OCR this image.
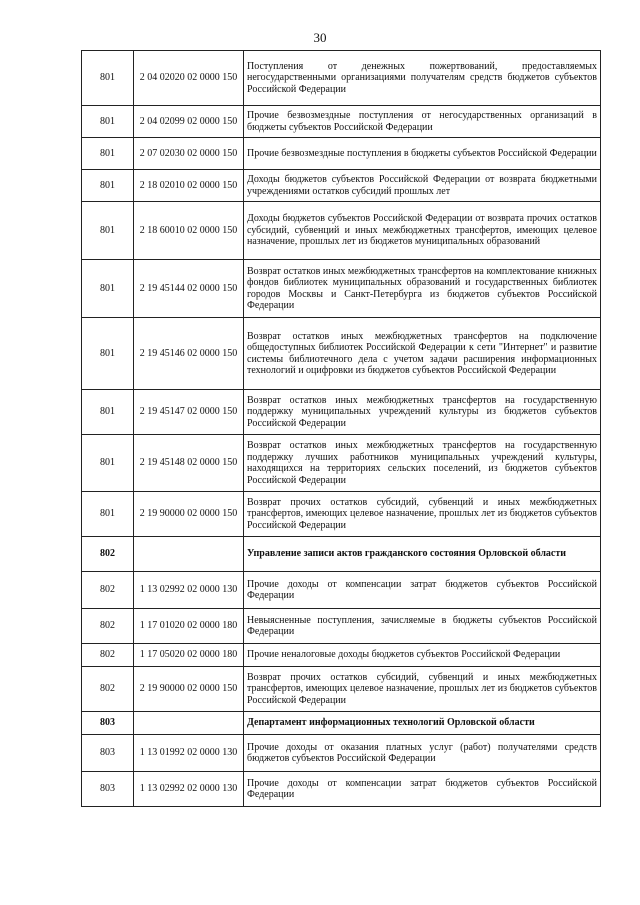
30
801	2 04 02020 02 0000 150	Поступления от денежных пожертвований, предоставляемых негосударственными организациями получателям средств бюджетов субъектов Российской Федерации
801	2 04 02099 02 0000 150	Прочие безвозмездные поступления от негосударственных организаций в бюджеты субъектов Российской Федерации
801	2 07 02030 02 0000 150	Прочие безвозмездные поступления в бюджеты субъектов Российской Федерации
801	2 18 02010 02 0000 150	Доходы бюджетов субъектов Российской Федерации от возврата бюджетными учреждениями остатков субсидий прошлых лет
801	2 18 60010 02 0000 150	Доходы бюджетов субъектов Российской Федерации от возврата прочих остатков субсидий, субвенций и иных межбюджетных трансфертов, имеющих целевое назначение, прошлых лет из бюджетов муниципальных образований
801	2 19 45144 02 0000 150	Возврат остатков иных межбюджетных трансфертов на комплектование книжных фондов библиотек муниципальных образований и государственных библиотек городов Москвы и Санкт-Петербурга из бюджетов субъектов Российской Федерации
801	2 19 45146 02 0000 150	Возврат остатков иных межбюджетных трансфертов на подключение общедоступных библиотек Российской Федерации к сети "Интернет" и развитие системы библиотечного дела с учетом задачи расширения информационных технологий и оцифровки из бюджетов субъектов Российской Федерации
801	2 19 45147 02 0000 150	Возврат остатков иных межбюджетных трансфертов на государственную поддержку муниципальных учреждений культуры из бюджетов субъектов Российской Федерации
801	2 19 45148 02 0000 150	Возврат остатков иных межбюджетных трансфертов на государственную поддержку лучших работников муниципальных учреждений культуры, находящихся на территориях сельских поселений, из бюджетов субъектов Российской Федерации
801	2 19 90000 02 0000 150	Возврат прочих остатков субсидий, субвенций и иных межбюджетных трансфертов, имеющих целевое назначение, прошлых лет из бюджетов субъектов Российской Федерации
802		Управление записи актов гражданского состояния Орловской области
802	1 13 02992 02 0000 130	Прочие доходы от компенсации затрат бюджетов субъектов Российской Федерации
802	1 17 01020 02 0000 180	Невыясненные поступления, зачисляемые в бюджеты субъектов Российской Федерации
802	1 17 05020 02 0000 180	Прочие неналоговые доходы бюджетов субъектов Российской Федерации
802	2 19 90000 02 0000 150	Возврат прочих остатков субсидий, субвенций и иных межбюджетных трансфертов, имеющих целевое назначение, прошлых лет из бюджетов субъектов Российской Федерации
803		Департамент информационных технологий Орловской области
803	1 13 01992 02 0000 130	Прочие доходы от оказания платных услуг (работ) получателями средств бюджетов субъектов Российской Федерации
803	1 13 02992 02 0000 130	Прочие доходы от компенсации затрат бюджетов субъектов Российской Федерации
